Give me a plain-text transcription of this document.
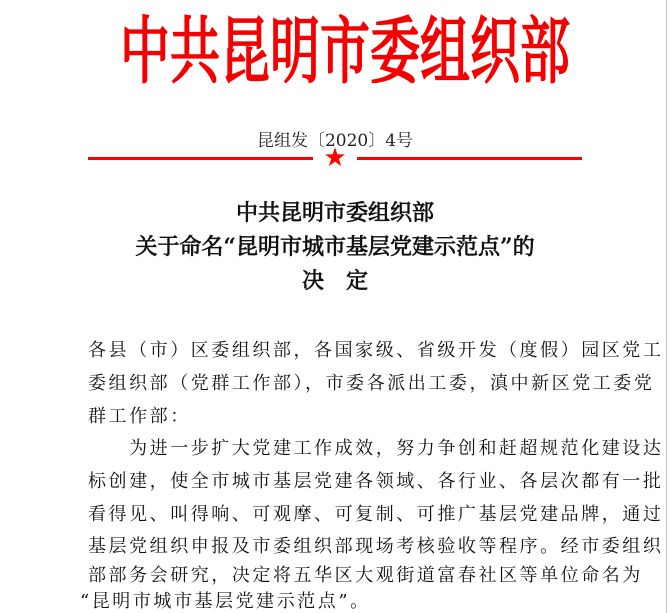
中 共 昆 明 市 委 组 织 部
昆组发〔2020〕4号
★
中共昆明市委组织部
关于命名“昆明市城市基层党建示范点”的
决　定
各县（市）区委组织部，各国家级、省级开发（度假）园区党工
委组织部（党群工作部），市委各派出工委，滇中新区党工委党
群工作部：
　　为进一步扩大党建工作成效，努力争创和赶超规范化建设达
标创建，使全市城市基层党建各领域、各行业、各层次都有一批
看得见、叫得响、可观摩、可复制、可推广基层党建品牌，通过
基层党组织申报及市委组织部现场考核验收等程序。经市委组织
部部务会研究，决定将五华区大观街道富春社区等单位命名为
“昆明市城市基层党建示范点”。
